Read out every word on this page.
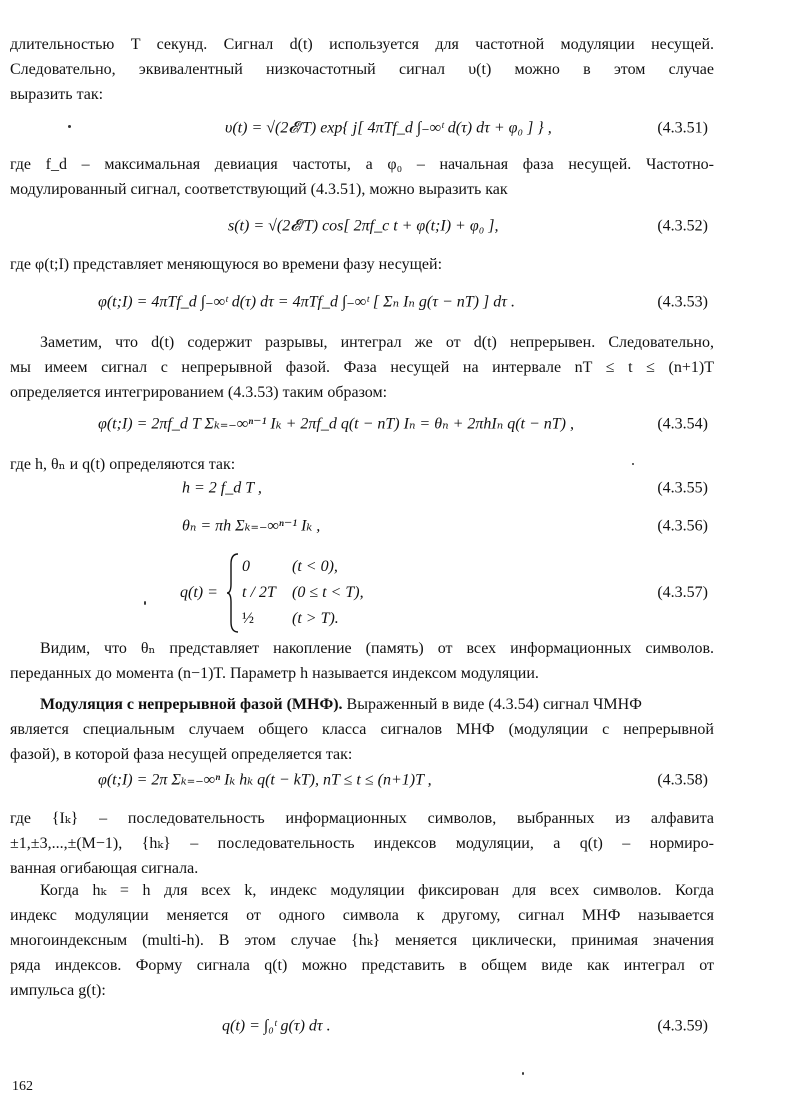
длительностью T секунд. Сигнал d(t) используется для частотной модуляции несущей.
Следовательно, эквивалентный низкочастотный сигнал υ(t) можно в этом случае
выразить так:
υ(t) = √(2𝓔/T) exp{ j[ 4πTf_d ∫₋∞ᵗ d(τ) dτ + φ₀ ] } ,	(4.3.51)
где f_d – максимальная девиация частоты, а φ₀ – начальная фаза несущей. Частотно-
модулированный сигнал, соответствующий (4.3.51), можно выразить как
s(t) = √(2𝓔/T) cos[ 2πf_c t + φ(t;I) + φ₀ ],	(4.3.52)
где φ(t;I) представляет меняющуюся во времени фазу несущей:
φ(t;I) = 4πTf_d ∫₋∞ᵗ d(τ) dτ = 4πTf_d ∫₋∞ᵗ [ Σₙ Iₙ g(τ − nT) ] dτ .	(4.3.53)
Заметим, что d(t) содержит разрывы, интеграл же от d(t) непрерывен. Следовательно,
мы имеем сигнал с непрерывной фазой. Фаза несущей на интервале nT ≤ t ≤ (n+1)T
определяется интегрированием (4.3.53) таким образом:
φ(t;I) = 2πf_d T Σₖ₌₋∞ⁿ⁻¹ Iₖ + 2πf_d q(t − nT) Iₙ = θₙ + 2πhIₙ q(t − nT) ,	(4.3.54)
где h, θₙ и q(t) определяются так:
h = 2 f_d T ,	(4.3.55)
θₙ = πh Σₖ₌₋∞ⁿ⁻¹ Iₖ ,	(4.3.56)
q(t) =
0	(t < 0),
t / 2T (0 ≤ t < T),
½ (t > T).
(4.3.57)
Видим, что θₙ представляет накопление (память) от всех информационных символов.
переданных до момента (n−1)T. Параметр h называется индексом модуляции.
Модуляция с непрерывной фазой (МНФ). Выраженный в виде (4.3.54) сигнал ЧМНФ
является специальным случаем общего класса сигналов МНФ (модуляции с непрерывной
фазой), в которой фаза несущей определяется так:
φ(t;I) = 2π Σₖ₌₋∞ⁿ Iₖ hₖ q(t − kT), nT ≤ t ≤ (n+1)T ,	(4.3.58)
где {Iₖ} – последовательность информационных символов, выбранных из алфавита
±1,±3,...,±(M−1), {hₖ} – последовательность индексов модуляции, а q(t) – нормиро-
ванная огибающая сигнала.
Когда hₖ = h для всех k, индекс модуляции фиксирован для всех символов. Когда
индекс модуляции меняется от одного символа к другому, сигнал МНФ называется
многоиндексным (multi-h). В этом случае {hₖ} меняется циклически, принимая значения
ряда индексов. Форму сигнала q(t) можно представить в общем виде как интеграл от
импульса g(t):
q(t) = ∫₀ᵗ g(τ) dτ .	(4.3.59)
162
